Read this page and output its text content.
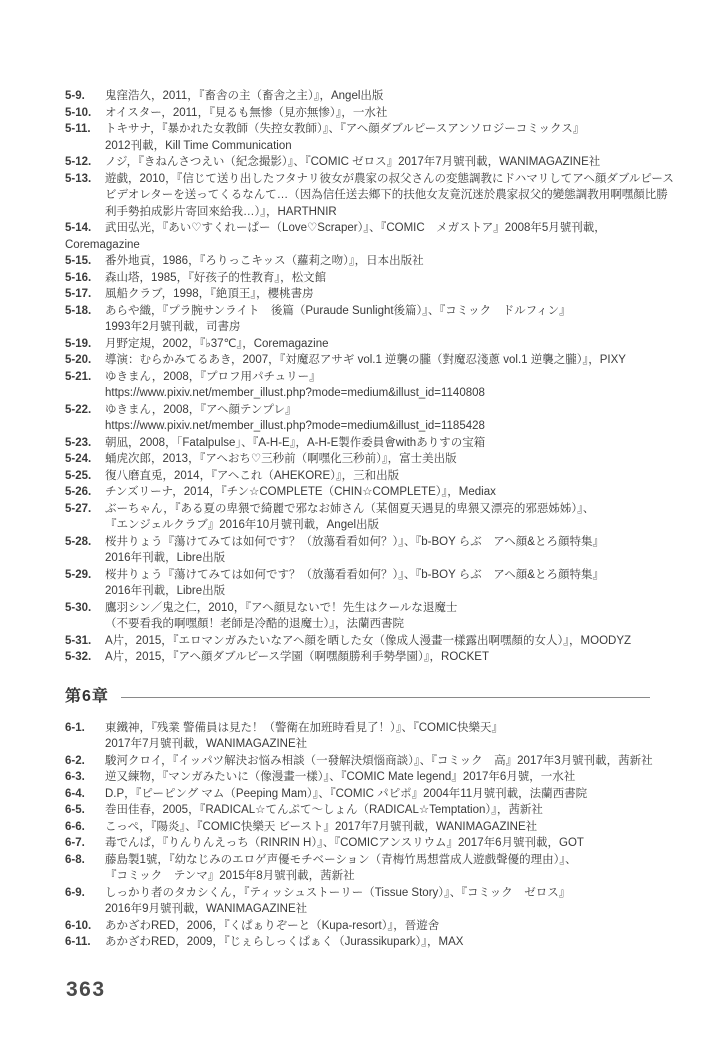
5-9.	鬼窪浩久，2011，『畜舎の主（畜舎之主）』，Angel出版
5-10.	オイスター，2011，『見るも無惨（見亦無惨）』，一水社
5-11.	トキサナ，『暴かれた女教師（失控女教師）』、『アヘ顔ダブルピースアンソロジーコミックス』
2012刊載，Kill Time Communication
5-12.	ノジ，『きねんさつえい（紀念撮影）』、『COMIC ゼロス』2017年7月號刊載，WANIMAGAZINE社
5-13.	遊戯，2010，『信じて送り出したフタナリ彼女が農家の叔父さんの変態調教にドハマリしてアヘ顔ダブルピース
ビデオレターを送ってくるなんて…（因為信任送去鄉下的扶他女友竟沉迷於農家叔父的變態調教用啊嘿顏比勝
利手勢拍成影片寄回來給我…）』，HARTHNIR
5-14.	武田弘光，『あい♡すくれーぱー（Love♡Scraper）』、『COMIC　メガストア』2008年5月號刊載，
Coremagazine
5-15.	番外地貢，1986，『ろりっこキッス（蘿莉之吻）』，日本出版社
5-16.	森山塔，1985，『好孩子的性教育』，松文館
5-17.	風船クラブ，1998，『絶頂王』，櫻桃書房
5-18.	あらや織，『プラ腕サンライト　後篇（Puraude Sunlight後篇）』、『コミック　ドルフィン』
1993年2月號刊載，司書房
5-19.	月野定規，2002，『♭37℃』，Coremagazine
5-20.	導演：むらかみてるあき，2007，『対魔忍アサギ vol.1 逆襲の朧（對魔忍淺蔥 vol.1 逆襲之朧）』，PIXY
5-21.	ゆきまん，2008，『プロフ用パチュリー』
https://www.pixiv.net/member_illust.php?mode=medium&illust_id=1140808
5-22.	ゆきまん，2008，『アヘ顔テンプレ』
https://www.pixiv.net/member_illust.php?mode=medium&illust_id=1185428
5-23.	朝凪，2008，「Fatalpulse」、『A-H-E』，A-H-E製作委員會withありすの宝箱
5-24.	蛹虎次郎，2013，『アヘおち♡三秒前（啊嘿化三秒前）』，富士美出版
5-25.	復八磨直兎，2014，『アヘこれ（AHEKORE）』，三和出版
5-26.	チンズリーナ，2014，『チン☆COMPLETE（CHIN☆COMPLETE）』，Mediax
5-27.	ぶーちゃん，『ある夏の卑猥で綺麗で邪なお姉さん（某個夏天遇見的卑猥又漂亮的邪惡姊姊）』、
『エンジェルクラブ』2016年10月號刊載，Angel出版
5-28.	桜井りょう『蕩けてみては如何です？（放蕩看看如何？）』、『b-BOY らぶ　アヘ顔&とろ顔特集』
2016年刊載，Libre出版
5-29.	桜井りょう『蕩けてみては如何です？（放蕩看看如何？）』、『b-BOY らぶ　アヘ顔&とろ顔特集』
2016年刊載，Libre出版
5-30.	鷹羽シン／鬼之仁，2010，『アヘ顔見ないで！先生はクールな退魔士
（不要看我的啊嘿顏！老師是冷酷的退魔士）』，法蘭西書院
5-31.	A片，2015，『エロマンガみたいなアヘ顔を晒した女（像成人漫畫一樣露出啊嘿顏的女人）』，MOODYZ
5-32.	A片，2015，『アヘ顔ダブルピース学園（啊嘿顏勝利手勢學園）』，ROCKET
第6章
6-1.	東鐵神，『残業 警備員は見た！（警衛在加班時看見了！）』、『COMIC快樂天』
2017年7月號刊載，WANIMAGAZINE社
6-2.	駿河クロイ，『イッパツ解決お悩み相談（一發解決煩惱商談）』、『コミック　高』2017年3月號刊載，茜新社
6-3.	逆又練物，『マンガみたいに（像漫畫一樣）』、『COMIC Mate legend』2017年6月號，一水社
6-4.	D.P，『ピーピング マム（Peeping Mam）』、『COMIC パピポ』2004年11月號刊載，法蘭西書院
6-5.	巻田佳春，2005，『RADICAL☆てんぷて〜しょん（RADICAL☆Temptation）』，茜新社
6-6.	こっぺ，『陽炎』、『COMIC快樂天 ビースト』2017年7月號刊載，WANIMAGAZINE社
6-7.	毒でんぱ，『りんりんえっち（RINRIN H）』、『COMICアンスリウム』2017年6月號刊載，GOT
6-8.	藤島製1號，『幼なじみのエロゲ声優モチベーション（青梅竹馬想當成人遊戲聲優的理由）』、
『コミック　テンマ』2015年8月號刊載，茜新社
6-9.	しっかり者のタカシくん，『ティッシュストーリー（Tissue Story）』、『コミック　ゼロス』
2016年9月號刊載，WANIMAGAZINE社
6-10.	あかざわRED，2006，『くぱぁりぞーと（Kupa-resort）』，晉遊舍
6-11.	あかざわRED，2009，『じぇらしっくぱぁく（Jurassikupark）』，MAX
363
